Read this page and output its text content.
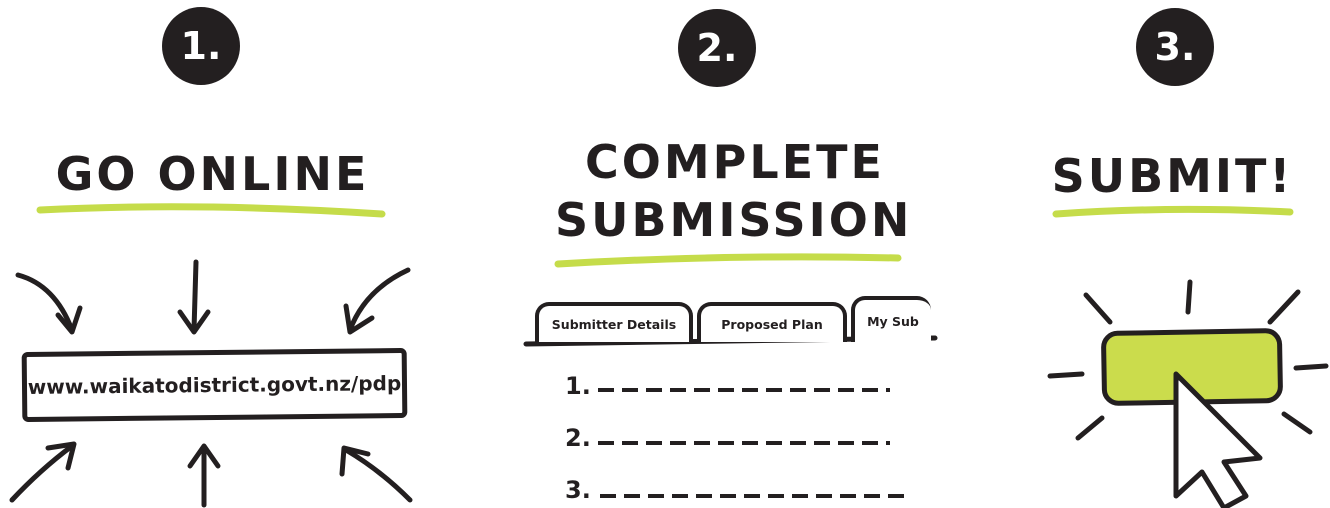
1.
GO ONLINE
www.waikatodistrict.govt.nz/pdp
2.
COMPLETE
SUBMISSION
Submitter Details	Proposed Plan	My Sub
1.
2.
3.
3.
SUBMIT!
